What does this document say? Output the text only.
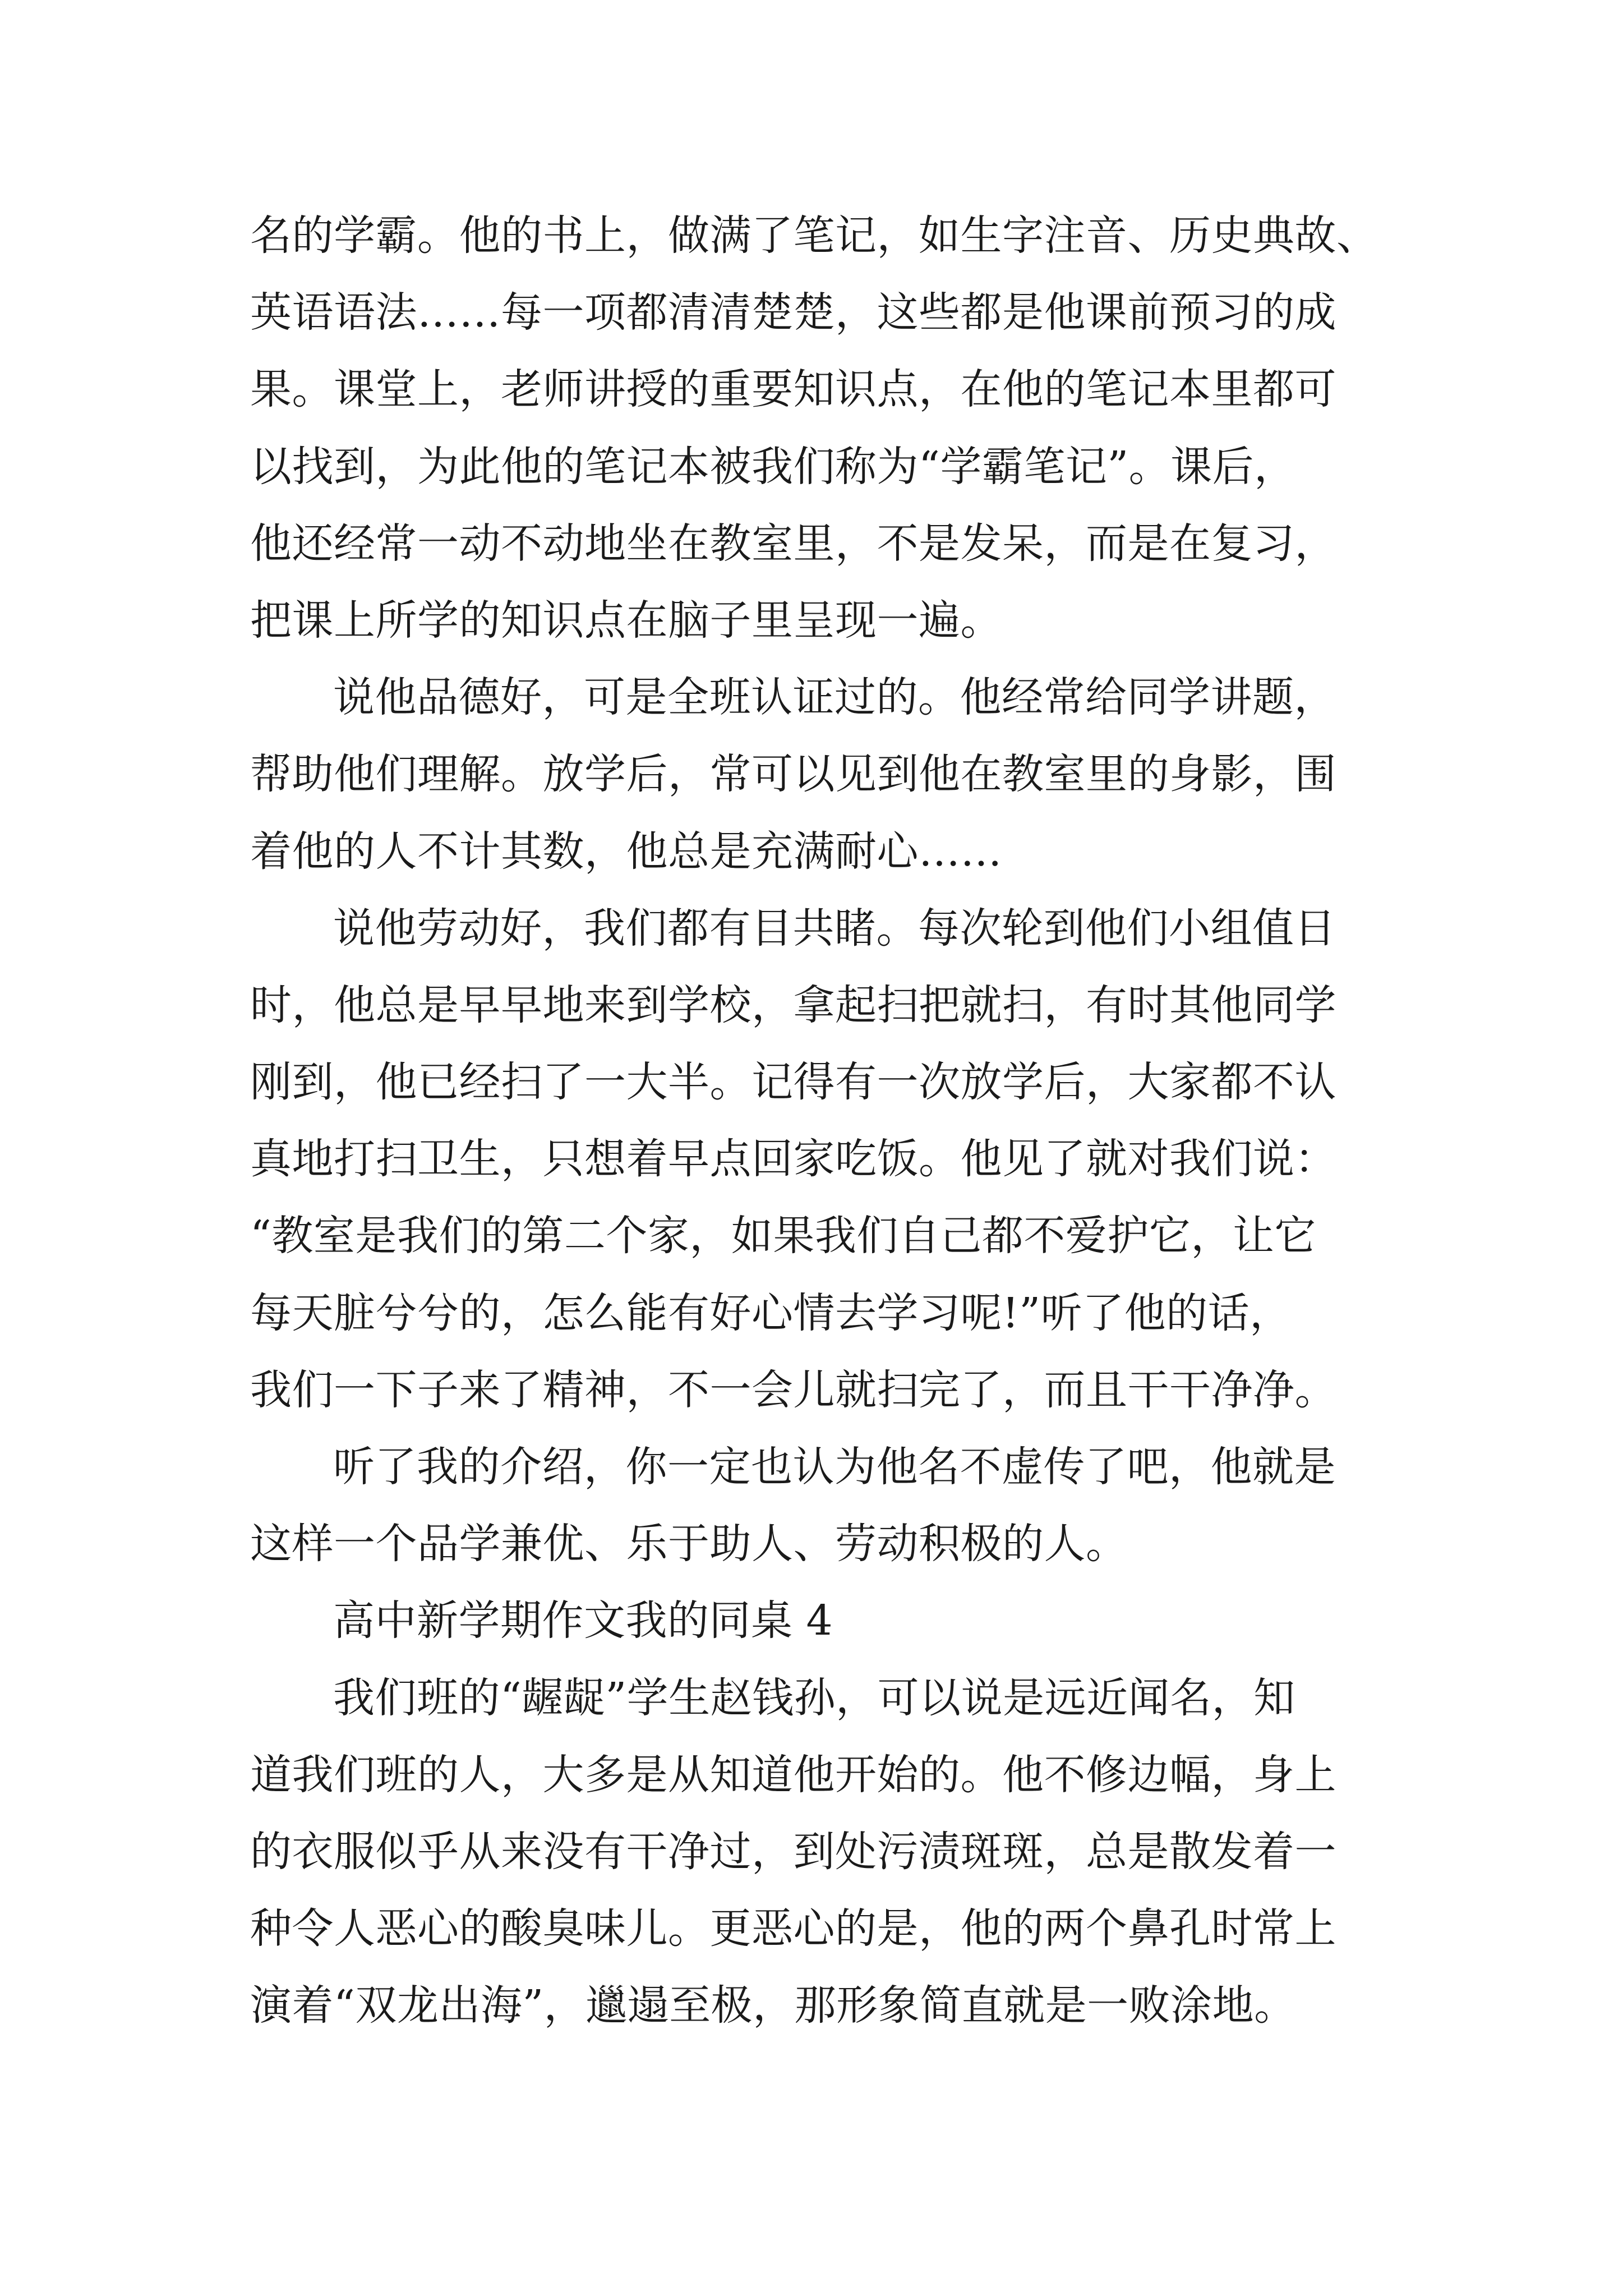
名的学霸。他的书上，做满了笔记，如生字注音、历史典故、
英语语法……每一项都清清楚楚，这些都是他课前预习的成
果。课堂上，老师讲授的重要知识点，在他的笔记本里都可
以找到，为此他的笔记本被我们称为“学霸笔记”。课后，
他还经常一动不动地坐在教室里，不是发呆，而是在复习，
把课上所学的知识点在脑子里呈现一遍。
说他品德好，可是全班认证过的。他经常给同学讲题，
帮助他们理解。放学后，常可以见到他在教室里的身影，围
着他的人不计其数，他总是充满耐心……
说他劳动好，我们都有目共睹。每次轮到他们小组值日
时，他总是早早地来到学校，拿起扫把就扫，有时其他同学
刚到，他已经扫了一大半。记得有一次放学后，大家都不认
真地打扫卫生，只想着早点回家吃饭。他见了就对我们说：
“教室是我们的第二个家，如果我们自己都不爱护它，让它
每天脏兮兮的，怎么能有好心情去学习呢!”听了他的话，
我们一下子来了精神，不一会儿就扫完了，而且干干净净。
听了我的介绍，你一定也认为他名不虚传了吧，他就是
这样一个品学兼优、乐于助人、劳动积极的人。
高中新学期作文我的同桌 4
我们班的“龌龊”学生赵钱孙，可以说是远近闻名，知
道我们班的人，大多是从知道他开始的。他不修边幅，身上
的衣服似乎从来没有干净过，到处污渍斑斑，总是散发着一
种令人恶心的酸臭味儿。更恶心的是，他的两个鼻孔时常上
演着“双龙出海”，邋遢至极，那形象简直就是一败涂地。
